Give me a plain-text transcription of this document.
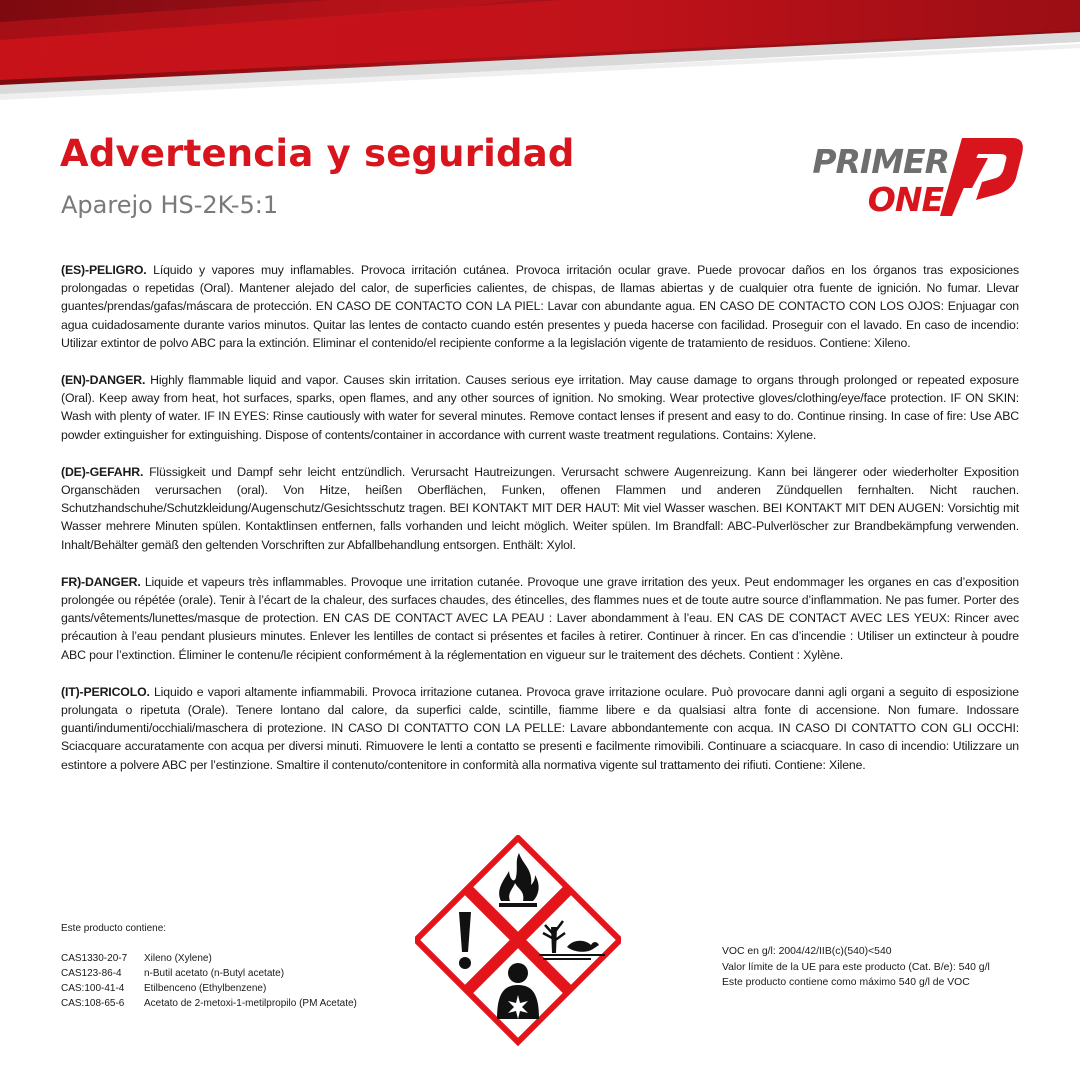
Advertencia y seguridad
Aparejo HS-2K-5:1
PRIMER
ONE

(ES)-PELIGRO. Líquido y vapores muy inflamables. Provoca irritación cutánea. Provoca irritación ocular grave. Puede provocar daños en los órganos tras exposiciones prolongadas o repetidas (Oral). Mantener alejado del calor, de superficies calientes, de chispas, de llamas abiertas y de cualquier otra fuente de ignición. No fumar. Llevar guantes/prendas/gafas/máscara de protección. EN CASO DE CONTACTO CON LA PIEL: Lavar con abundante agua. EN CASO DE CONTACTO CON LOS OJOS: Enjuagar con agua cuidadosamente durante varios minutos. Quitar las lentes de contacto cuando estén presentes y pueda hacerse con facilidad. Proseguir con el lavado. En caso de incendio: Utilizar extintor de polvo ABC para la extinción. Eliminar el contenido/el recipiente conforme a la legislación vigente de tratamiento de residuos. Contiene: Xileno.

(EN)-DANGER. Highly flammable liquid and vapor. Causes skin irritation. Causes serious eye irritation. May cause damage to organs through prolonged or repeated exposure (Oral). Keep away from heat, hot surfaces, sparks, open flames, and any other sources of ignition. No smoking. Wear protective gloves/clothing/eye/face protection. IF ON SKIN: Wash with plenty of water. IF IN EYES: Rinse cautiously with water for several minutes. Remove contact lenses if present and easy to do. Continue rinsing. In case of fire: Use ABC powder extinguisher for extinguishing. Dispose of contents/container in accordance with current waste treatment regulations. Contains: Xylene.

(DE)-GEFAHR. Flüssigkeit und Dampf sehr leicht entzündlich. Verursacht Hautreizungen. Verursacht schwere Augenreizung. Kann bei längerer oder wiederholter Exposition Organschäden verursachen (oral). Von Hitze, heißen Oberflächen, Funken, offenen Flammen und anderen Zündquellen fernhalten. Nicht rauchen. Schutzhandschuhe/Schutzkleidung/Augenschutz/Gesichtsschutz tragen. BEI KONTAKT MIT DER HAUT: Mit viel Wasser waschen. BEI KONTAKT MIT DEN AUGEN: Vorsichtig mit Wasser mehrere Minuten spülen. Kontaktlinsen entfernen, falls vorhanden und leicht möglich. Weiter spülen. Im Brandfall: ABC-Pulverlöscher zur Brandbekämpfung verwenden. Inhalt/Behälter gemäß den geltenden Vorschriften zur Abfallbehandlung entsorgen. Enthält: Xylol.

FR)-DANGER. Liquide et vapeurs très inflammables. Provoque une irritation cutanée. Provoque une grave irritation des yeux. Peut endommager les organes en cas d’exposition prolongée ou répétée (orale). Tenir à l’écart de la chaleur, des surfaces chaudes, des étincelles, des flammes nues et de toute autre source d’inflammation. Ne pas fumer. Porter des gants/vêtements/lunettes/masque de protection. EN CAS DE CONTACT AVEC LA PEAU : Laver abondamment à l’eau. EN CAS DE CONTACT AVEC LES YEUX: Rincer avec précaution à l’eau pendant plusieurs minutes. Enlever les lentilles de contact si présentes et faciles à retirer. Continuer à rincer. En cas d’incendie : Utiliser un extincteur à poudre ABC pour l’extinction. Éliminer le contenu/le récipient conformément à la réglementation en vigueur sur le traitement des déchets. Contient : Xylène.

(IT)-PERICOLO. Liquido e vapori altamente infiammabili. Provoca irritazione cutanea. Provoca grave irritazione oculare. Può provocare danni agli organi a seguito di esposizione prolungata o ripetuta (Orale). Tenere lontano dal calore, da superfici calde, scintille, fiamme libere e da qualsiasi altra fonte di accensione. Non fumare. Indossare guanti/indumenti/occhiali/maschera di protezione. IN CASO DI CONTATTO CON LA PELLE: Lavare abbondantemente con acqua. IN CASO DI CONTATTO CON GLI OCCHI: Sciacquare accuratamente con acqua per diversi minuti. Rimuovere le lenti a contatto se presenti e facilmente rimovibili. Continuare a sciacquare. In caso di incendio: Utilizzare un estintore a polvere ABC per l’estinzione. Smaltire il contenuto/contenitore in conformità alla normativa vigente sul trattamento dei rifiuti. Contiene: Xilene.

Este producto contiene:
CAS1330-20-7	Xileno (Xylene)
CAS123-86-4	n-Butil acetato (n-Butyl acetate)
CAS:100-41-4	Etilbenceno (Ethylbenzene)
CAS:108-65-6	Acetato de 2-metoxi-1-metilpropilo (PM Acetate)
VOC en g/l: 2004/42/IIB(c)(540)<540
Valor límite de la UE para este producto (Cat. B/e): 540 g/l
Este producto contiene como máximo 540 g/l de VOC
